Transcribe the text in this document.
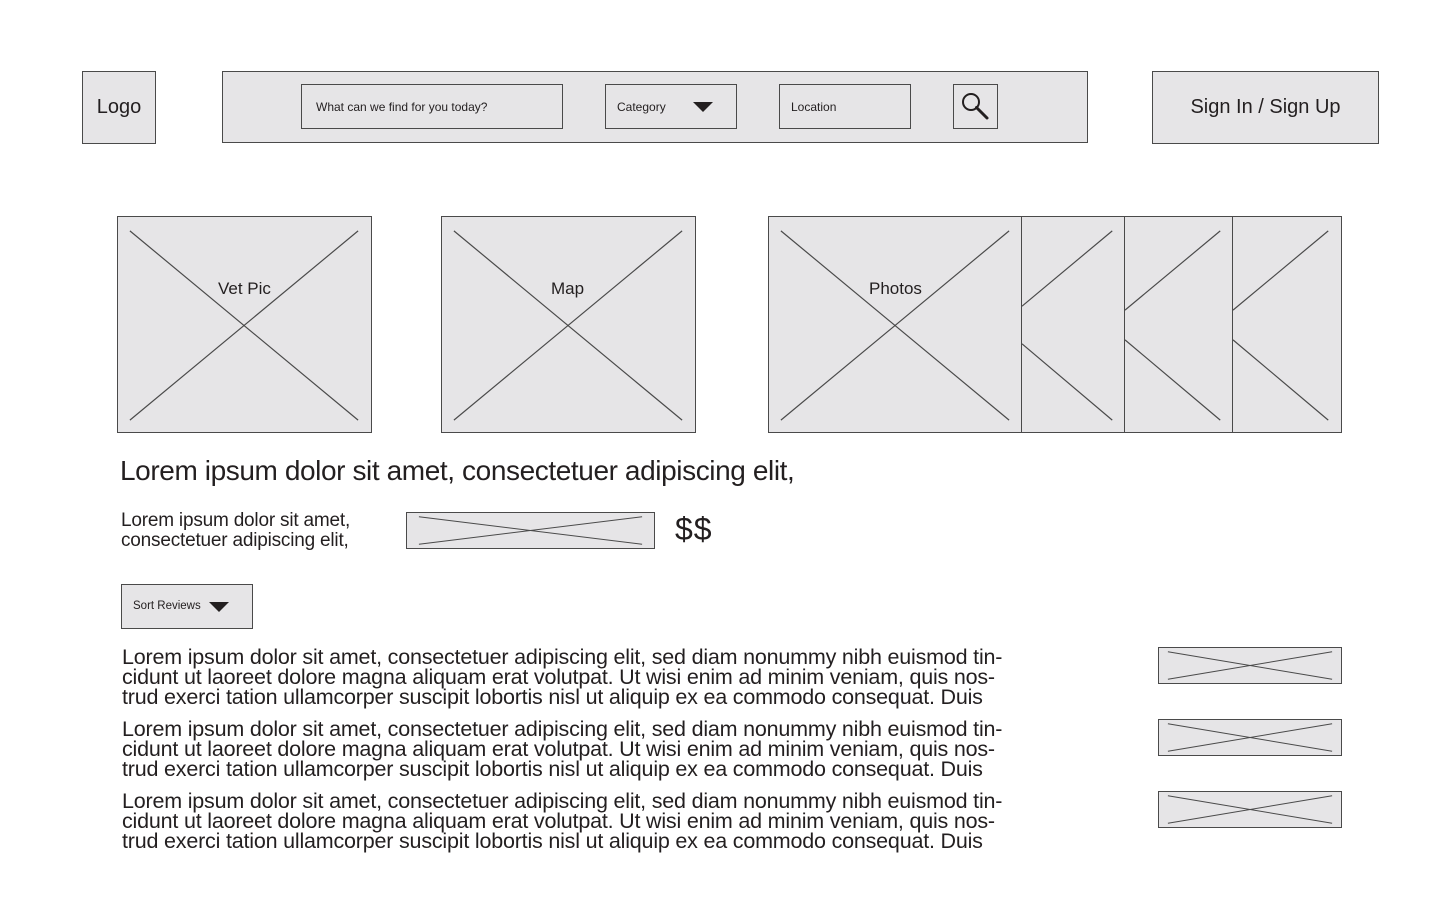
Logo	What can we find for you today?	Category	Location	Sign In / Sign Up
Vet Pic	Map	Photos
Lorem ipsum dolor sit amet, consectetuer adipiscing elit,
Lorem ipsum dolor sit amet,
consectetuer adipiscing elit,	$$
Sort Reviews
Lorem ipsum dolor sit amet, consectetuer adipiscing elit, sed diam nonummy nibh euismod tin-
cidunt ut laoreet dolore magna aliquam erat volutpat. Ut wisi enim ad minim veniam, quis nos-
trud exerci tation ullamcorper suscipit lobortis nisl ut aliquip ex ea commodo consequat. Duis
Lorem ipsum dolor sit amet, consectetuer adipiscing elit, sed diam nonummy nibh euismod tin-
cidunt ut laoreet dolore magna aliquam erat volutpat. Ut wisi enim ad minim veniam, quis nos-
trud exerci tation ullamcorper suscipit lobortis nisl ut aliquip ex ea commodo consequat. Duis
Lorem ipsum dolor sit amet, consectetuer adipiscing elit, sed diam nonummy nibh euismod tin-
cidunt ut laoreet dolore magna aliquam erat volutpat. Ut wisi enim ad minim veniam, quis nos-
trud exerci tation ullamcorper suscipit lobortis nisl ut aliquip ex ea commodo consequat. Duis
